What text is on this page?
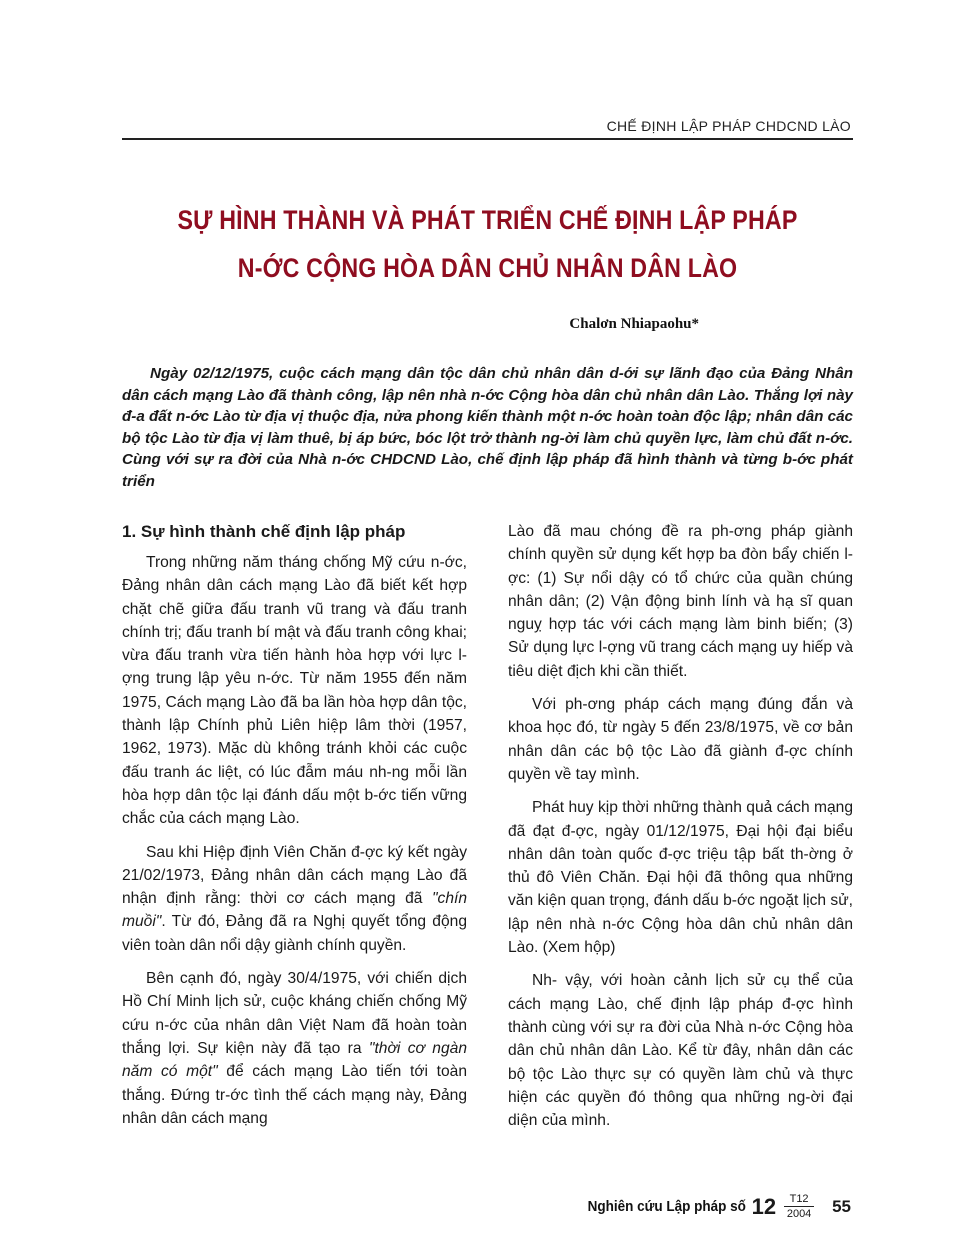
CHẾ ĐỊNH LẬP PHÁP CHDCND LÀO
SỰ HÌNH THÀNH VÀ PHÁT TRIỂN CHẾ ĐỊNH LẬP PHÁP
N-ỚC CỘNG HÒA DÂN CHỦ NHÂN DÂN LÀO
Chalơn Nhiapaohu*
Ngày 02/12/1975, cuộc cách mạng dân tộc dân chủ nhân dân d-ới sự lãnh đạo của Đảng Nhân dân cách mạng Lào đã thành công, lập nên nhà n-ớc Cộng hòa dân chủ nhân dân Lào. Thắng lợi này đ-a đất n-ớc Lào từ địa vị thuộc địa, nửa phong kiến thành một n-ớc hoàn toàn độc lập; nhân dân các bộ tộc Lào từ địa vị làm thuê, bị áp bức, bóc lột trở thành ng-ời làm chủ quyền lực, làm chủ đất n-ớc. Cùng với sự ra đời của Nhà n-ớc CHDCND Lào, chế định lập pháp đã hình thành và từng b-ớc phát triển
1. Sự hình thành chế định lập pháp

Trong những năm tháng chống Mỹ cứu n-ớc, Đảng nhân dân cách mạng Lào đã biết kết hợp chặt chẽ giữa đấu tranh vũ trang và đấu tranh chính trị; đấu tranh bí mật và đấu tranh công khai; vừa đấu tranh vừa tiến hành hòa hợp với lực l-ợng trung lập yêu n-ớc. Từ năm 1955 đến năm 1975, Cách mạng Lào đã ba lần hòa hợp dân tộc, thành lập Chính phủ Liên hiệp lâm thời (1957, 1962, 1973). Mặc dù không tránh khỏi các cuộc đấu tranh ác liệt, có lúc đẫm máu nh-ng mỗi lần hòa hợp dân tộc lại đánh dấu một b-ớc tiến vững chắc của cách mạng Lào.

Sau khi Hiệp định Viên Chăn đ-ợc ký kết ngày 21/02/1973, Đảng nhân dân cách mạng Lào đã nhận định rằng: thời cơ cách mạng đã "chín muồi". Từ đó, Đảng đã ra Nghị quyết tổng động viên toàn dân nổi dậy giành chính quyền.

Bên cạnh đó, ngày 30/4/1975, với chiến dịch Hồ Chí Minh lịch sử, cuộc kháng chiến chống Mỹ cứu n-ớc của nhân dân Việt Nam đã hoàn toàn thắng lợi. Sự kiện này đã tạo ra "thời cơ ngàn năm có một" để cách mạng Lào tiến tới toàn thắng. Đứng tr-ớc tình thế cách mạng này, Đảng nhân dân cách mạng

Lào đã mau chóng đề ra ph-ơng pháp giành chính quyền sử dụng kết hợp ba đòn bẩy chiến l-ợc: (1) Sự nổi dậy có tổ chức của quần chúng nhân dân; (2) Vận động binh lính và hạ sĩ quan nguỵ hợp tác với cách mạng làm binh biến; (3) Sử dụng lực l-ợng vũ trang cách mạng uy hiếp và tiêu diệt địch khi cần thiết.

Với ph-ơng pháp cách mạng đúng đắn và khoa học đó, từ ngày 5 đến 23/8/1975, về cơ bản nhân dân các bộ tộc Lào đã giành đ-ợc chính quyền về tay mình.

Phát huy kịp thời những thành quả cách mạng đã đạt đ-ợc, ngày 01/12/1975, Đại hội đại biểu nhân dân toàn quốc đ-ợc triệu tập bất th-ờng ở thủ đô Viên Chăn. Đại hội đã thông qua những văn kiện quan trọng, đánh dấu b-ớc ngoặt lịch sử, lập nên nhà n-ớc Cộng hòa dân chủ nhân dân Lào. (Xem hộp)

Nh- vậy, với hoàn cảnh lịch sử cụ thể của cách mạng Lào, chế định lập pháp đ-ợc hình thành cùng với sự ra đời của Nhà n-ớc Cộng hòa dân chủ nhân dân Lào. Kể từ đây, nhân dân các bộ tộc Lào thực sự có quyền làm chủ và thực hiện các quyền đó thông qua những ng-ời đại diện của mình.

Nghiên cứu Lập pháp số 12 T12
2004 55
